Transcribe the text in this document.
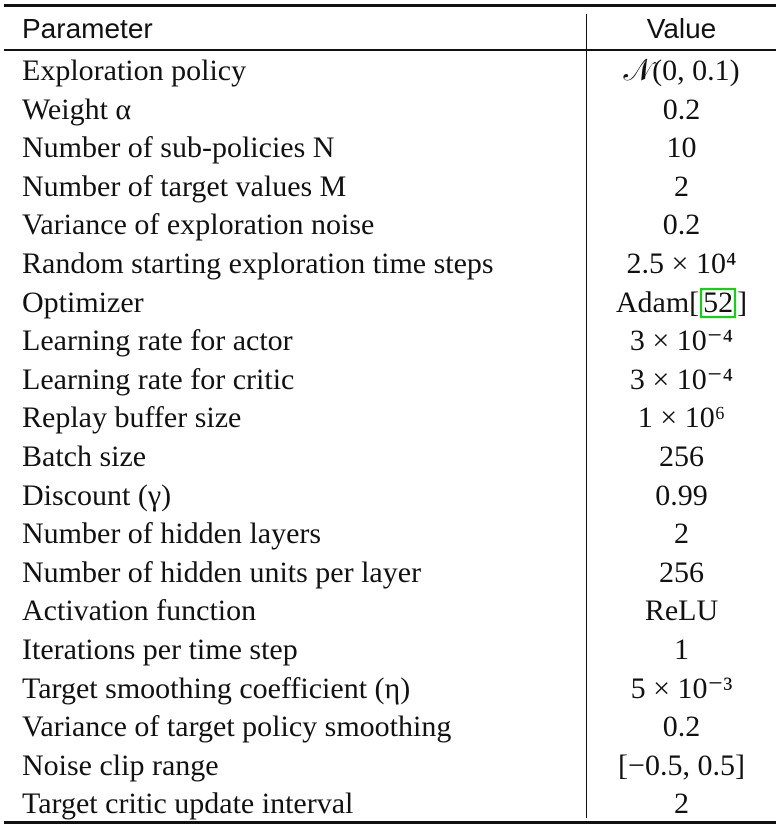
Parameter	Value
Exploration policy	𝒩(0, 0.1)
Weight α	0.2
Number of sub-policies N	10
Number of target values M	2
Variance of exploration noise	0.2
Random starting exploration time steps	2.5 × 10⁴
Optimizer	Adam[ 52 ]
Learning rate for actor	3 × 10⁻⁴
Learning rate for critic	3 × 10⁻⁴
Replay buffer size	1 × 10⁶
Batch size	256
Discount (γ)	0.99
Number of hidden layers	2
Number of hidden units per layer	256
Activation function	ReLU
Iterations per time step	1
Target smoothing coefficient (η)	5 × 10⁻³
Variance of target policy smoothing	0.2
Noise clip range	[−0.5, 0.5]
Target critic update interval	2
